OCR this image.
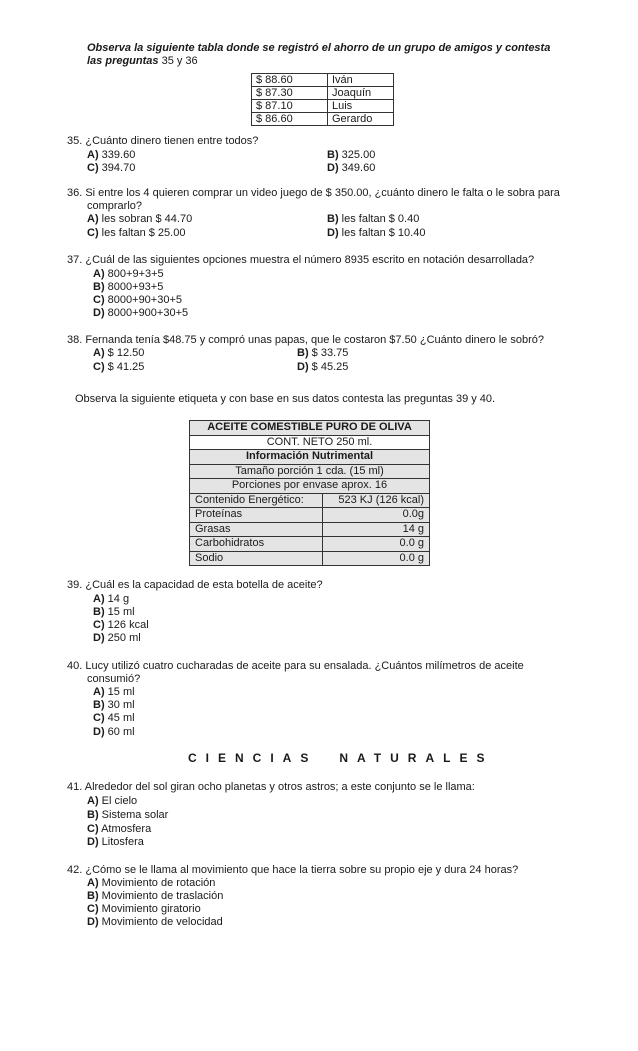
Observa la siguiente tabla donde se registró el ahorro de un grupo de amigos y contesta
las preguntas 35 y 36
$ 88.60	Iván
$ 87.30	Joaquín
$ 87.10	Luis
$ 86.60	Gerardo
35. ¿Cuánto dinero tienen entre todos?
A) 339.60	B) 325.00
C) 394.70	D) 349.60
36. Si entre los 4 quieren comprar un video juego de $ 350.00, ¿cuánto dinero le falta o le sobra para
comprarlo?
A) les sobran $ 44.70	B) les faltan $ 0.40
C) les faltan $ 25.00	D) les faltan $ 10.40
37. ¿Cuál de las siguientes opciones muestra el número 8935 escrito en notación desarrollada?
A) 800+9+3+5
B) 8000+93+5
C) 8000+90+30+5
D) 8000+900+30+5
38. Fernanda tenía $48.75 y compró unas papas, que le costaron $7.50 ¿Cuánto dinero le sobró?
A) $ 12.50	B) $ 33.75
C) $ 41.25	D) $ 45.25
Observa la siguiente etiqueta y con base en sus datos contesta las preguntas 39 y 40.
ACEITE COMESTIBLE PURO DE OLIVA	
CONT. NETO 250 ml.	
Información Nutrimental	
Tamaño porción 1 cda. (15 ml)	
Porciones por envase aprox. 16	
Contenido Energético:	523 KJ (126 kcal)
Proteínas	0.0g
Grasas	14 g
Carbohidratos	0.0 g
Sodio	0.0 g
39. ¿Cuál es la capacidad de esta botella de aceite?
A) 14 g
B) 15 ml
C) 126 kcal
D) 250 ml
40. Lucy utilizó cuatro cucharadas de aceite para su ensalada. ¿Cuántos milímetros de aceite
consumió?
A) 15 ml
B) 30 ml
C) 45 ml
D) 60 ml
CIENCIAS NATURALES
41. Alrededor del sol giran ocho planetas y otros astros; a este conjunto se le llama:
A) El cielo
B) Sistema solar
C) Atmosfera
D) Litosfera
42. ¿Cómo se le llama al movimiento que hace la tierra sobre su propio eje y dura 24 horas?
A) Movimiento de rotación
B) Movimiento de traslación
C) Movimiento giratorio
D) Movimiento de velocidad
